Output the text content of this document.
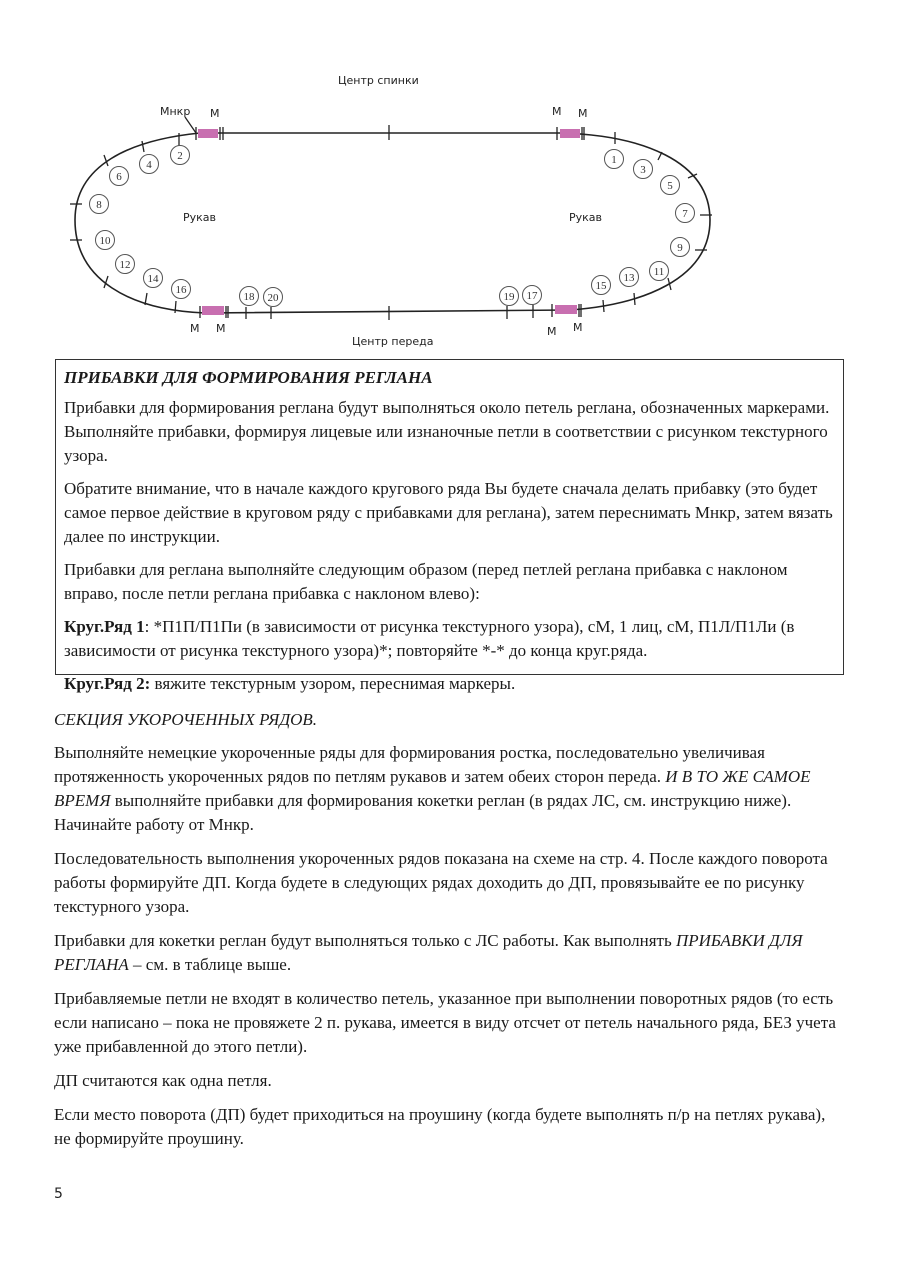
Центр спинки
Центр переда
Рукав	Рукав
Мнкр М	М М
М М	М М
2
4
6
8
10
12
14
16
18	20
1
3
5
7
9
11
13
15
17
19

ПРИБАВКИ ДЛЯ ФОРМИРОВАНИЯ РЕГЛАНА

Прибавки для формирования реглана будут выполняться около петель реглана, обозначенных маркерами. Выполняйте прибавки, формируя лицевые или изнаночные петли в соответствии с рисунком текстурного узора.

Обратите внимание, что в начале каждого кругового ряда Вы будете сначала делать прибавку (это будет самое первое действие в круговом ряду с прибавками для реглана), затем переснимать Мнкр, затем вязать далее по инструкции.

Прибавки для реглана выполняйте следующим образом (перед петлей реглана прибавка с наклоном вправо, после петли реглана прибавка с наклоном влево):

Круг.Ряд 1: *П1П/П1Пи (в зависимости от рисунка текстурного узора), сМ, 1 лиц, сМ, П1Л/П1Ли (в зависимости от рисунка текстурного узора)*; повторяйте *-* до конца круг.ряда.

Круг.Ряд 2: вяжите текстурным узором, переснимая маркеры.

СЕКЦИЯ УКОРОЧЕННЫХ РЯДОВ.

Выполняйте немецкие укороченные ряды для формирования ростка, последовательно увеличивая протяженность укороченных рядов по петлям рукавов и затем обеих сторон переда. И В ТО ЖЕ САМОЕ ВРЕМЯ выполняйте прибавки для формирования кокетки реглан (в рядах ЛС, см. инструкцию ниже). Начинайте работу от Мнкр.

Последовательность выполнения укороченных рядов показана на схеме на стр. 4. После каждого поворота работы формируйте ДП. Когда будете в следующих рядах доходить до ДП, провязывайте ее по рисунку текстурного узора.

Прибавки для кокетки реглан будут выполняться только с ЛС работы. Как выполнять ПРИБАВКИ ДЛЯ РЕГЛАНА – см. в таблице выше.

Прибавляемые петли не входят в количество петель, указанное при выполнении поворотных рядов (то есть если написано – пока не провяжете 2 п. рукава, имеется в виду отсчет от петель начального ряда, БЕЗ учета уже прибавленной до этого петли).

ДП считаются как одна петля.

Если место поворота (ДП) будет приходиться на проушину (когда будете выполнять п/р на петлях рукава), не формируйте проушину.

5
